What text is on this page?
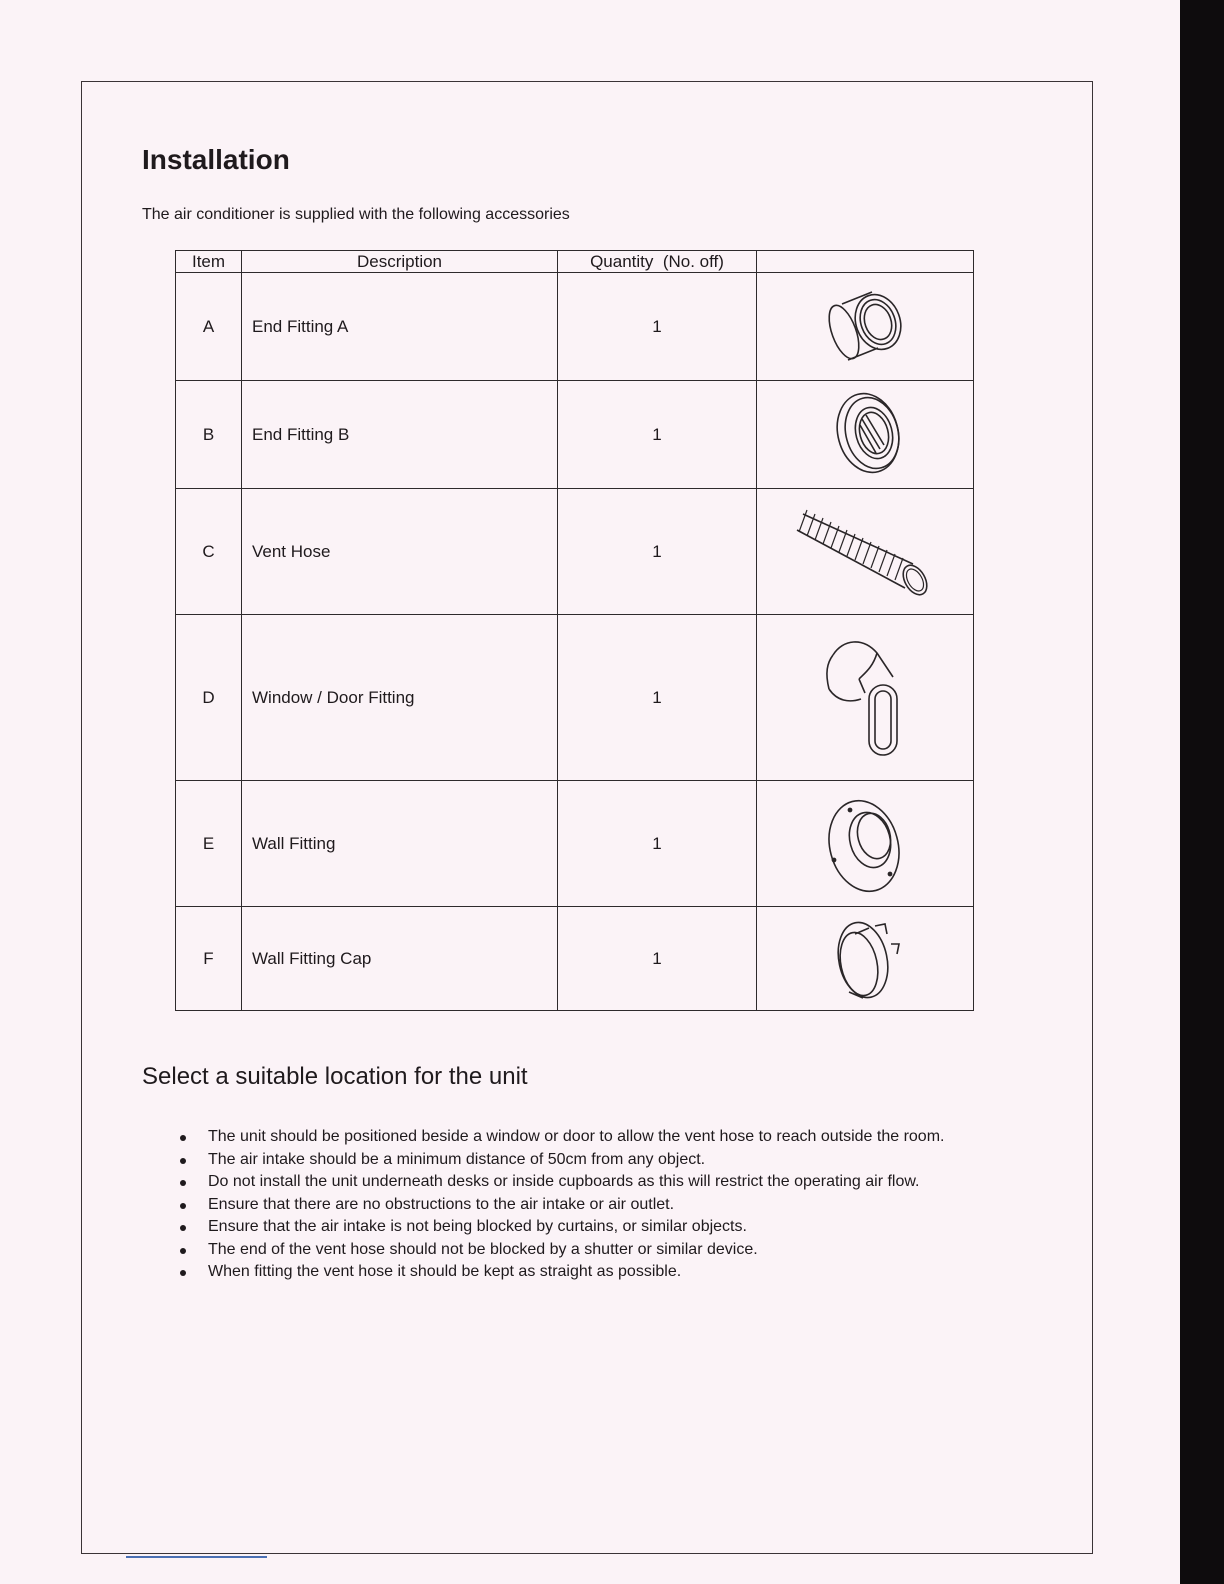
Installation

The air conditioner is supplied with the following accessories

Item	Description	Quantity  (No. off)	
A	End Fitting A	1	

B	End Fitting B	1	

C	Vent Hose	1	

D	Window / Door Fitting	1	

E	Wall Fitting	1	

F	Wall Fitting Cap	1	
Select a suitable location for the unit
The unit should be positioned beside a window or door to allow the vent hose to reach outside the room.
The air intake should be a minimum distance of 50cm from any object.
Do not install the unit underneath desks or inside cupboards as this will restrict the operating air flow.
Ensure that there are no obstructions to the air intake or air outlet.
Ensure that the air intake is not being blocked by curtains, or similar objects.
The end of the vent hose should not be blocked by a shutter or similar device.
When fitting the vent hose it should be kept as straight as possible.
